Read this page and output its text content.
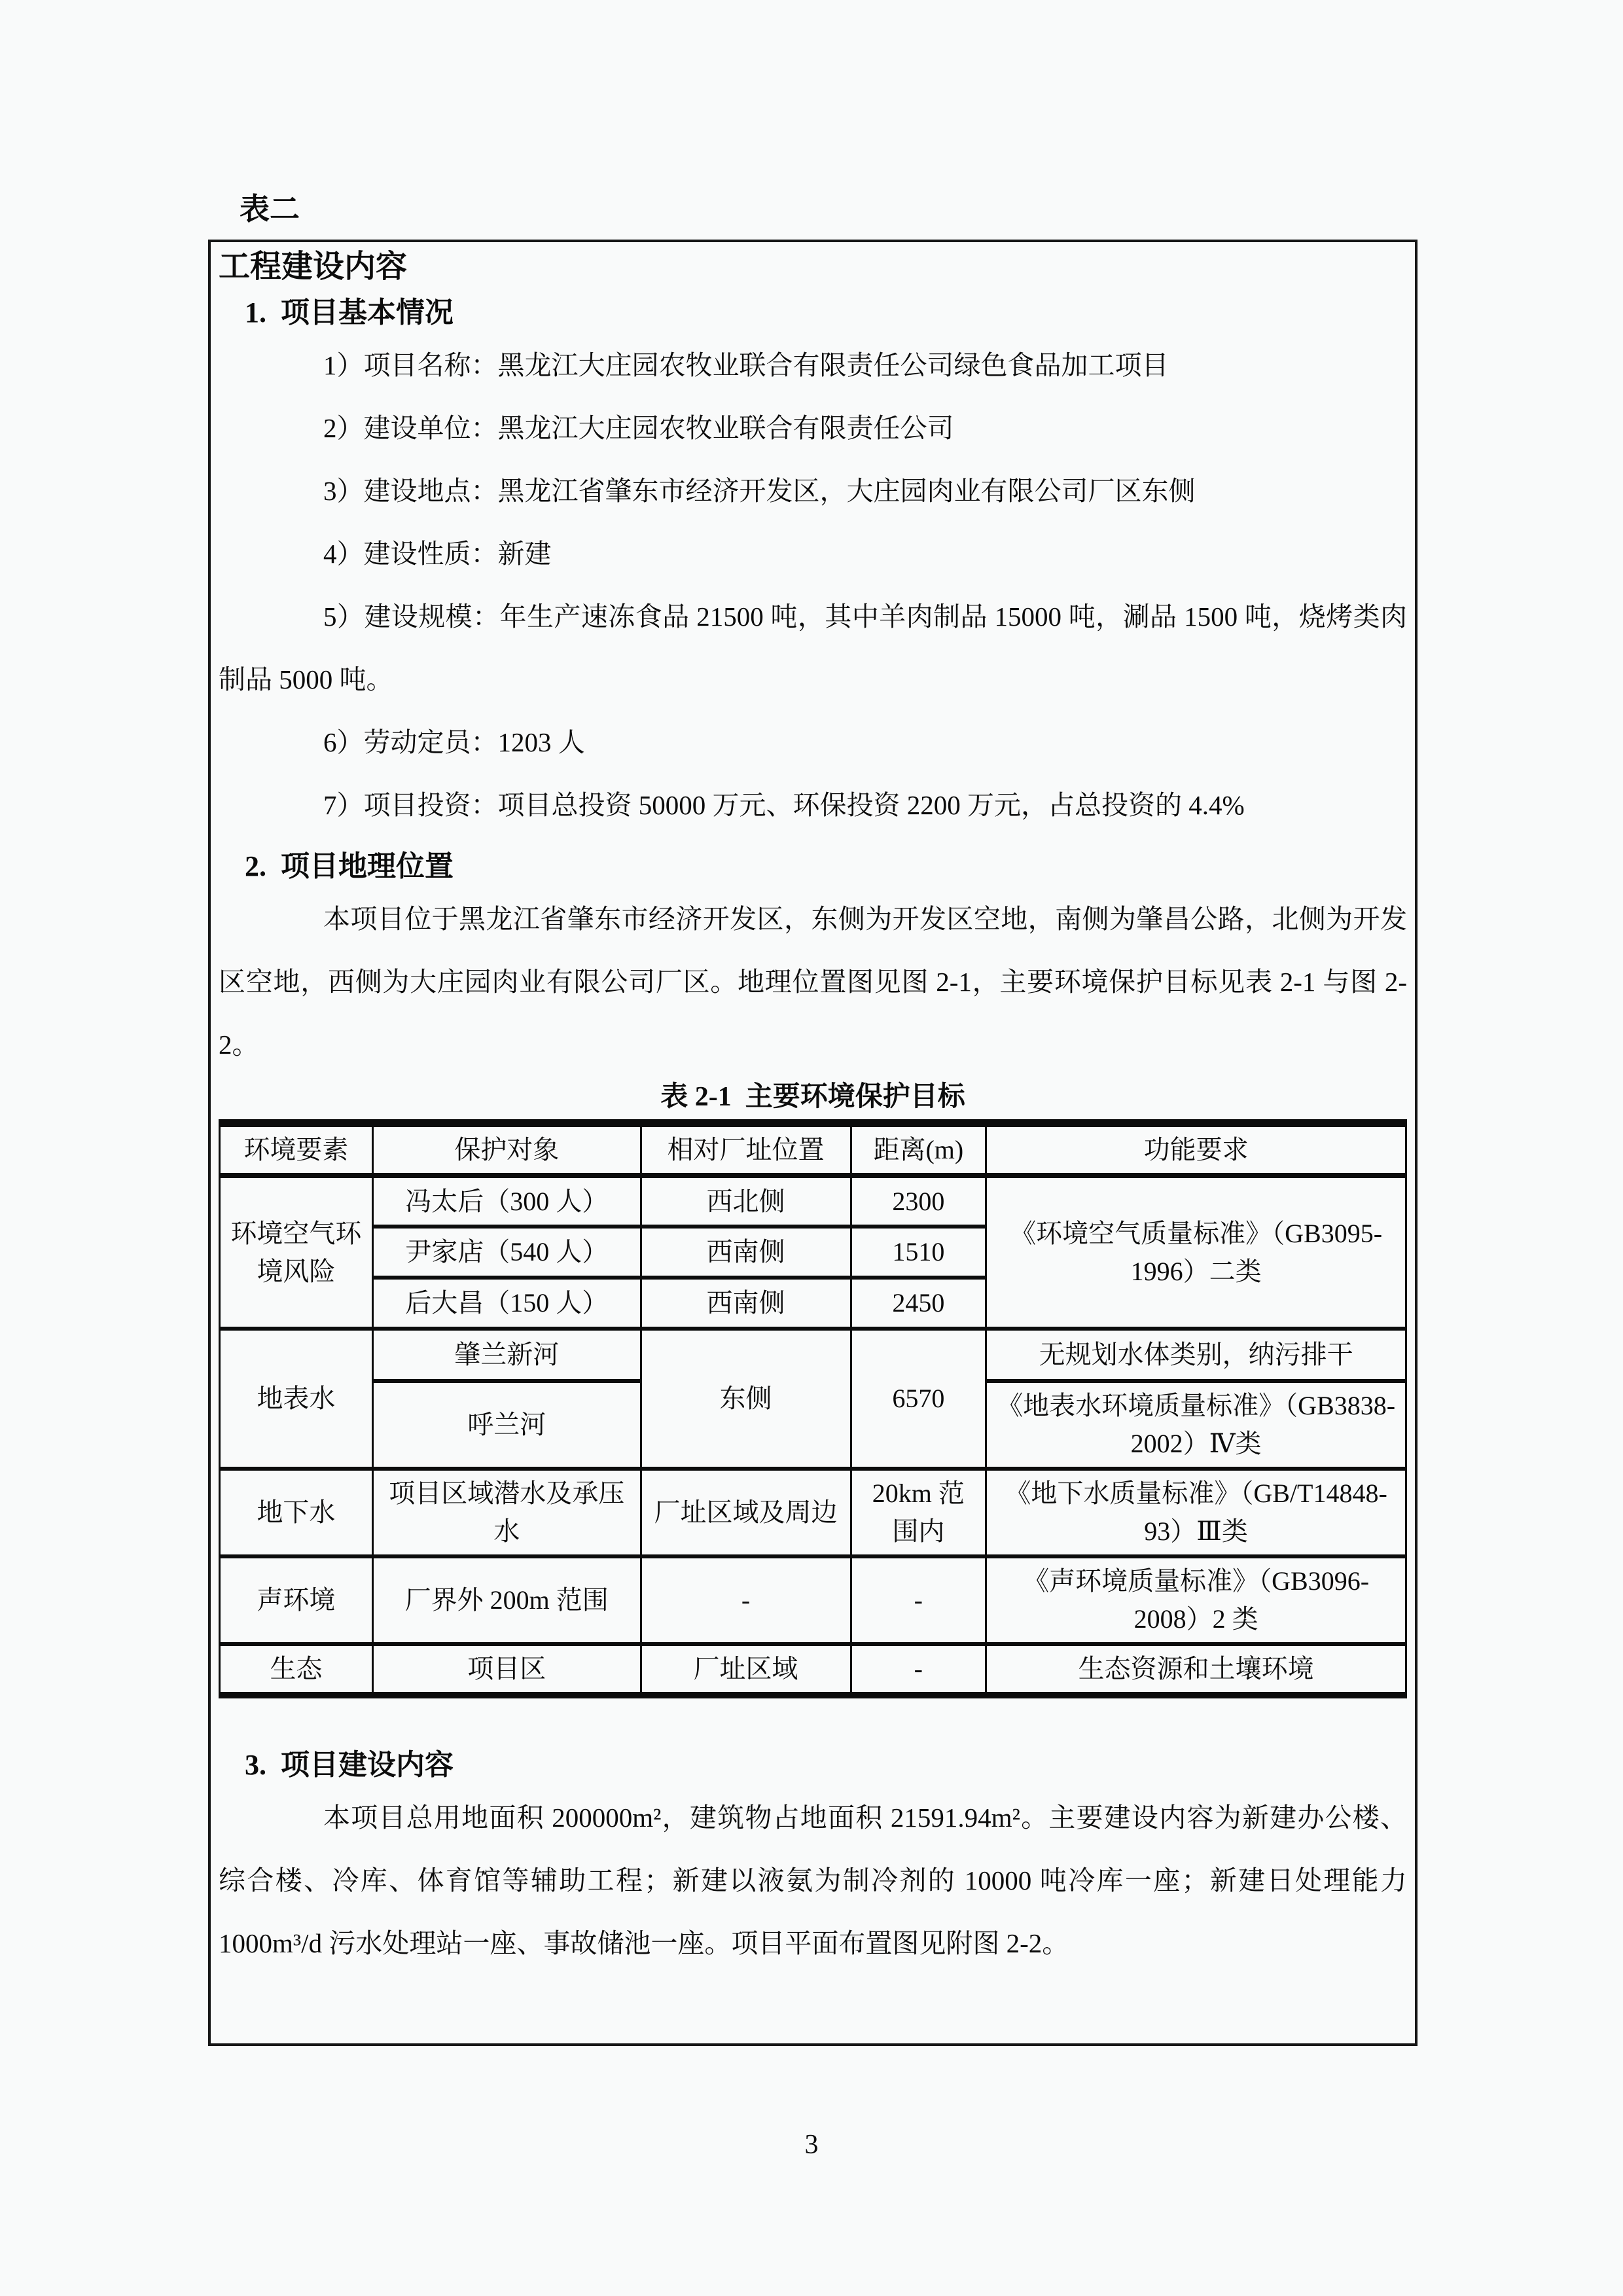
表二
工程建设内容
1.  项目基本情况

1）项目名称：黑龙江大庄园农牧业联合有限责任公司绿色食品加工项目

2）建设单位：黑龙江大庄园农牧业联合有限责任公司

3）建设地点：黑龙江省肇东市经济开发区，大庄园肉业有限公司厂区东侧

4）建设性质：新建

5）建设规模：年生产速冻食品 21500 吨，其中羊肉制品 15000 吨，涮品 1500 吨，烧烤类肉制品 5000 吨。

6）劳动定员：1203 人

7）项目投资：项目总投资 50000 万元、环保投资 2200 万元，占总投资的 4.4%

2.  项目地理位置

本项目位于黑龙江省肇东市经济开发区，东侧为开发区空地，南侧为肇昌公路，北侧为开发区空地，西侧为大庄园肉业有限公司厂区。地理位置图见图 2-1，主要环境保护目标见表 2-1 与图 2-2。

表 2-1  主要环境保护目标
环境要素	保护对象	相对厂址位置	距离(m)	功能要求
环境空气环境风险	冯太后（300 人）	西北侧	2300	《环境空气质量标准》（GB3095-1996）二类
	尹家店（540 人）	西南侧	1510	
	后大昌（150 人）	西南侧	2450	
地表水	肇兰新河	东侧	6570	无规划水体类别，纳污排干
	呼兰河			《地表水环境质量标准》（GB3838-2002）Ⅳ类
地下水	项目区域潜水及承压水	厂址区域及周边	20km 范围内	《地下水质量标准》（GB/T14848-93）Ⅲ类
声环境	厂界外 200m 范围	-	-	《声环境质量标准》（GB3096-2008）2 类
生态	项目区	厂址区域	-	生态资源和土壤环境
3.  项目建设内容

本项目总用地面积 200000m²，建筑物占地面积 21591.94m²。主要建设内容为新建办公楼、综合楼、冷库、体育馆等辅助工程；新建以液氨为制冷剂的 10000 吨冷库一座；新建日处理能力 1000m³/d 污水处理站一座、事故储池一座。项目平面布置图见附图 2-2。

3
